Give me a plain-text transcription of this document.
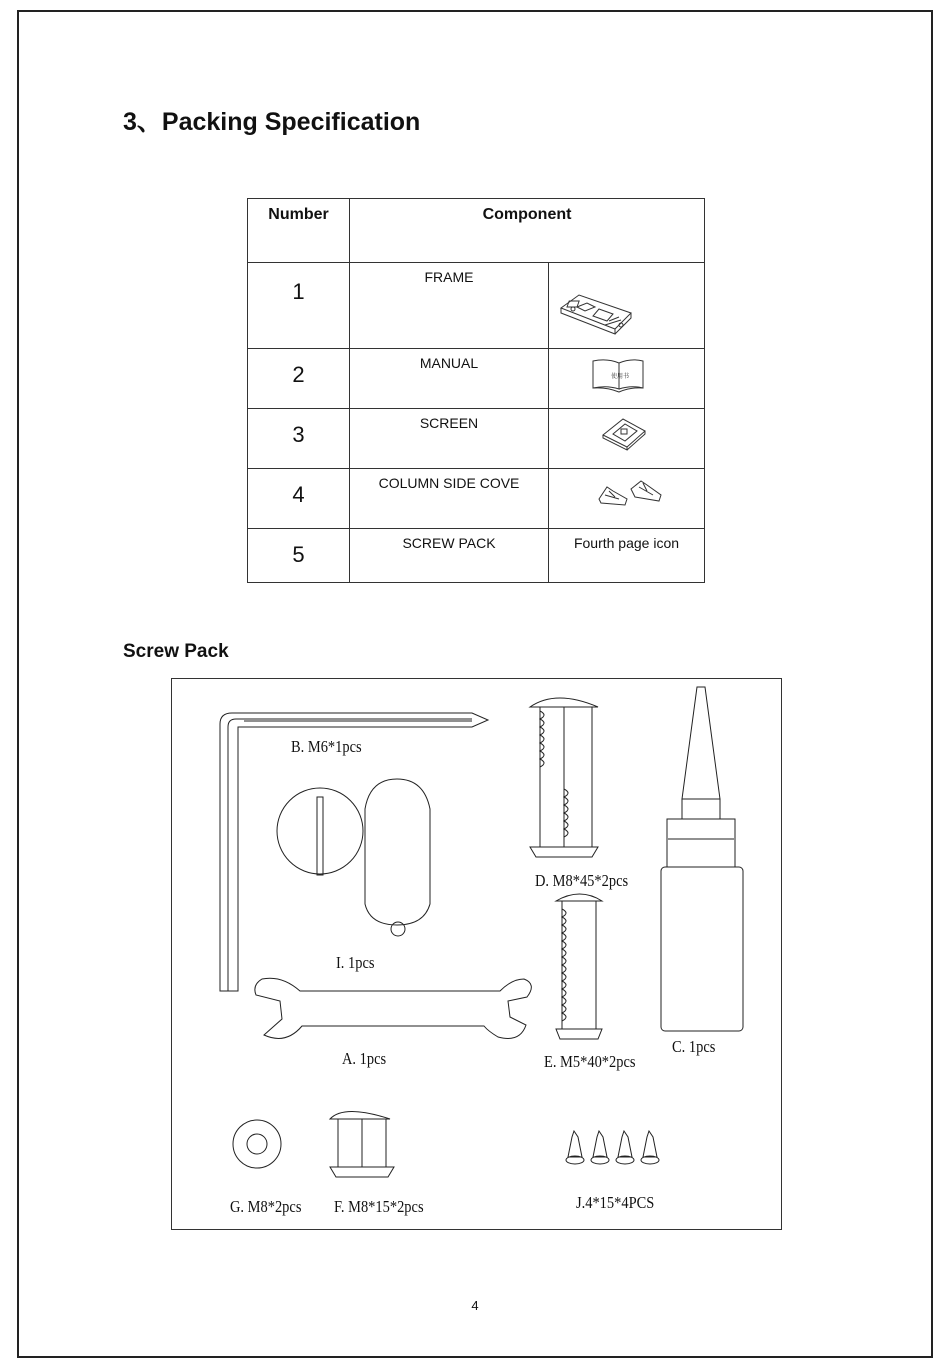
3、Packing Specification
Number	Component	
1	FRAME	
2	MANUAL	使用书

3	SCREEN	
4	COLUMN SIDE COVE	
5	SCREW PACK	Fourth page icon
Screw Pack
B. M6*1pcs
D. M8*45*2pcs
I. 1pcs
A. 1pcs	E. M5*40*2pcs
C. 1pcs
G. M8*2pcs F. M8*15*2pcs	J.4*15*4PCS
4
